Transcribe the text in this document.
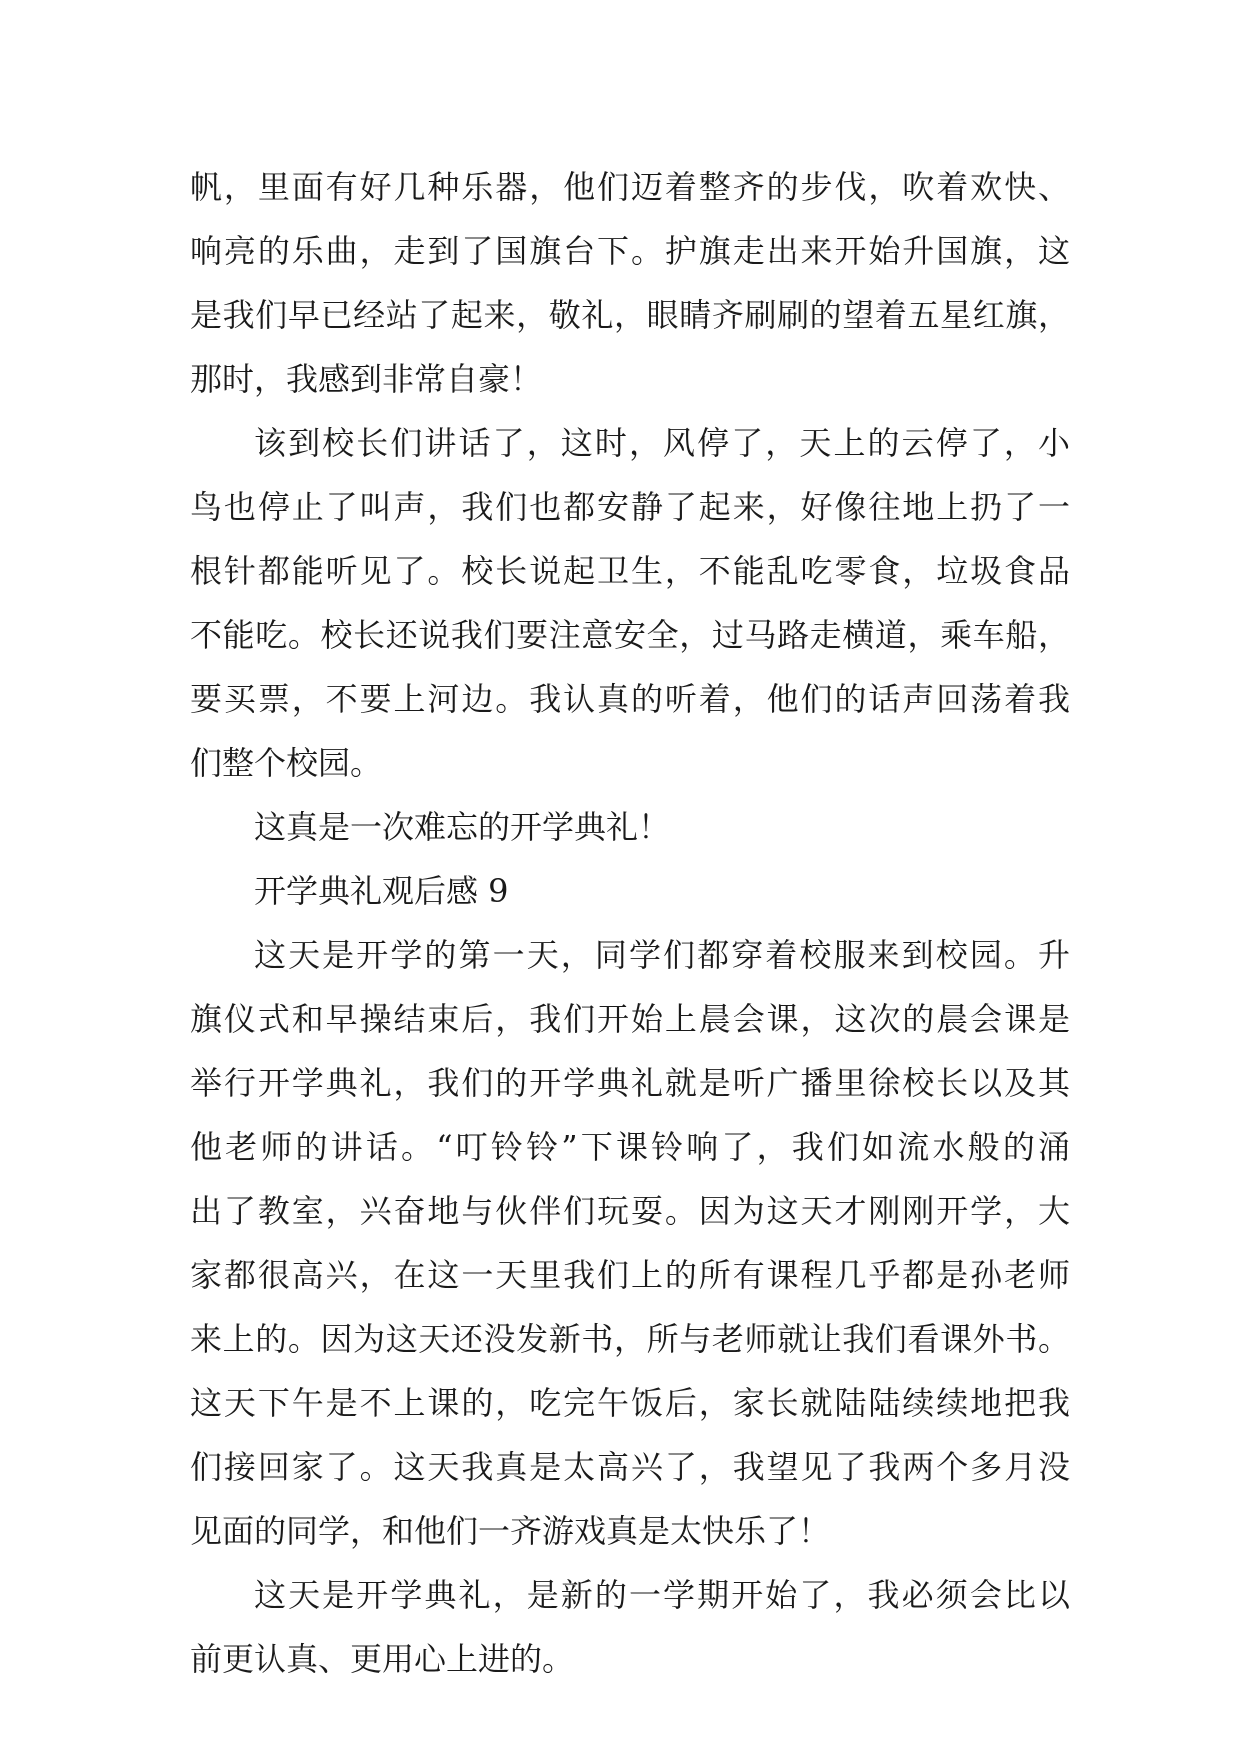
帆，里面有好几种乐器，他们迈着整齐的步伐，吹着欢快、
响亮的乐曲，走到了国旗台下。护旗走出来开始升国旗，这
是我们早已经站了起来，敬礼，眼睛齐刷刷的望着五星红旗，
那时，我感到非常自豪！
该到校长们讲话了，这时，风停了，天上的云停了，小
鸟也停止了叫声，我们也都安静了起来，好像往地上扔了一
根针都能听见了。校长说起卫生，不能乱吃零食，垃圾食品
不能吃。校长还说我们要注意安全，过马路走横道，乘车船，
要买票，不要上河边。我认真的听着，他们的话声回荡着我
们整个校园。
这真是一次难忘的开学典礼！
开学典礼观后感 9
这天是开学的第一天，同学们都穿着校服来到校园。升
旗仪式和早操结束后，我们开始上晨会课，这次的晨会课是
举行开学典礼，我们的开学典礼就是听广播里徐校长以及其
他老师的讲话。“叮铃铃”下课铃响了，我们如流水般的涌
出了教室，兴奋地与伙伴们玩耍。因为这天才刚刚开学，大
家都很高兴，在这一天里我们上的所有课程几乎都是孙老师
来上的。因为这天还没发新书，所与老师就让我们看课外书。
这天下午是不上课的，吃完午饭后，家长就陆陆续续地把我
们接回家了。这天我真是太高兴了，我望见了我两个多月没
见面的同学，和他们一齐游戏真是太快乐了！
这天是开学典礼，是新的一学期开始了，我必须会比以
前更认真、更用心上进的。
